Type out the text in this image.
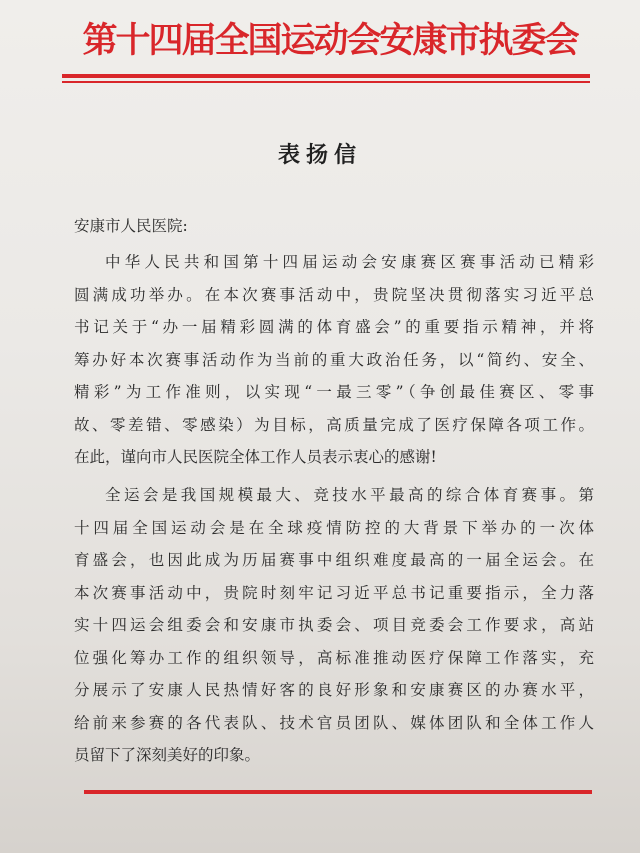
第十四届全国运动会安康市执委会
表扬信
安康市人民医院:
中华人民共和国第十四届运动会安康赛区赛事活动已精彩
圆满成功举办。在本次赛事活动中，贵院坚决贯彻落实习近平总
书记关于“办一届精彩圆满的体育盛会”的重要指示精神，并将
筹办好本次赛事活动作为当前的重大政治任务，以“简约、安全、
精彩”为工作准则，以实现“一最三零”（争创最佳赛区、零事
故、零差错、零感染）为目标，高质量完成了医疗保障各项工作。
在此，谨向市人民医院全体工作人员表示衷心的感谢!
全运会是我国规模最大、竞技水平最高的综合体育赛事。第
十四届全国运动会是在全球疫情防控的大背景下举办的一次体
育盛会，也因此成为历届赛事中组织难度最高的一届全运会。在
本次赛事活动中，贵院时刻牢记习近平总书记重要指示，全力落
实十四运会组委会和安康市执委会、项目竞委会工作要求，高站
位强化筹办工作的组织领导，高标准推动医疗保障工作落实，充
分展示了安康人民热情好客的良好形象和安康赛区的办赛水平，
给前来参赛的各代表队、技术官员团队、媒体团队和全体工作人
员留下了深刻美好的印象。
